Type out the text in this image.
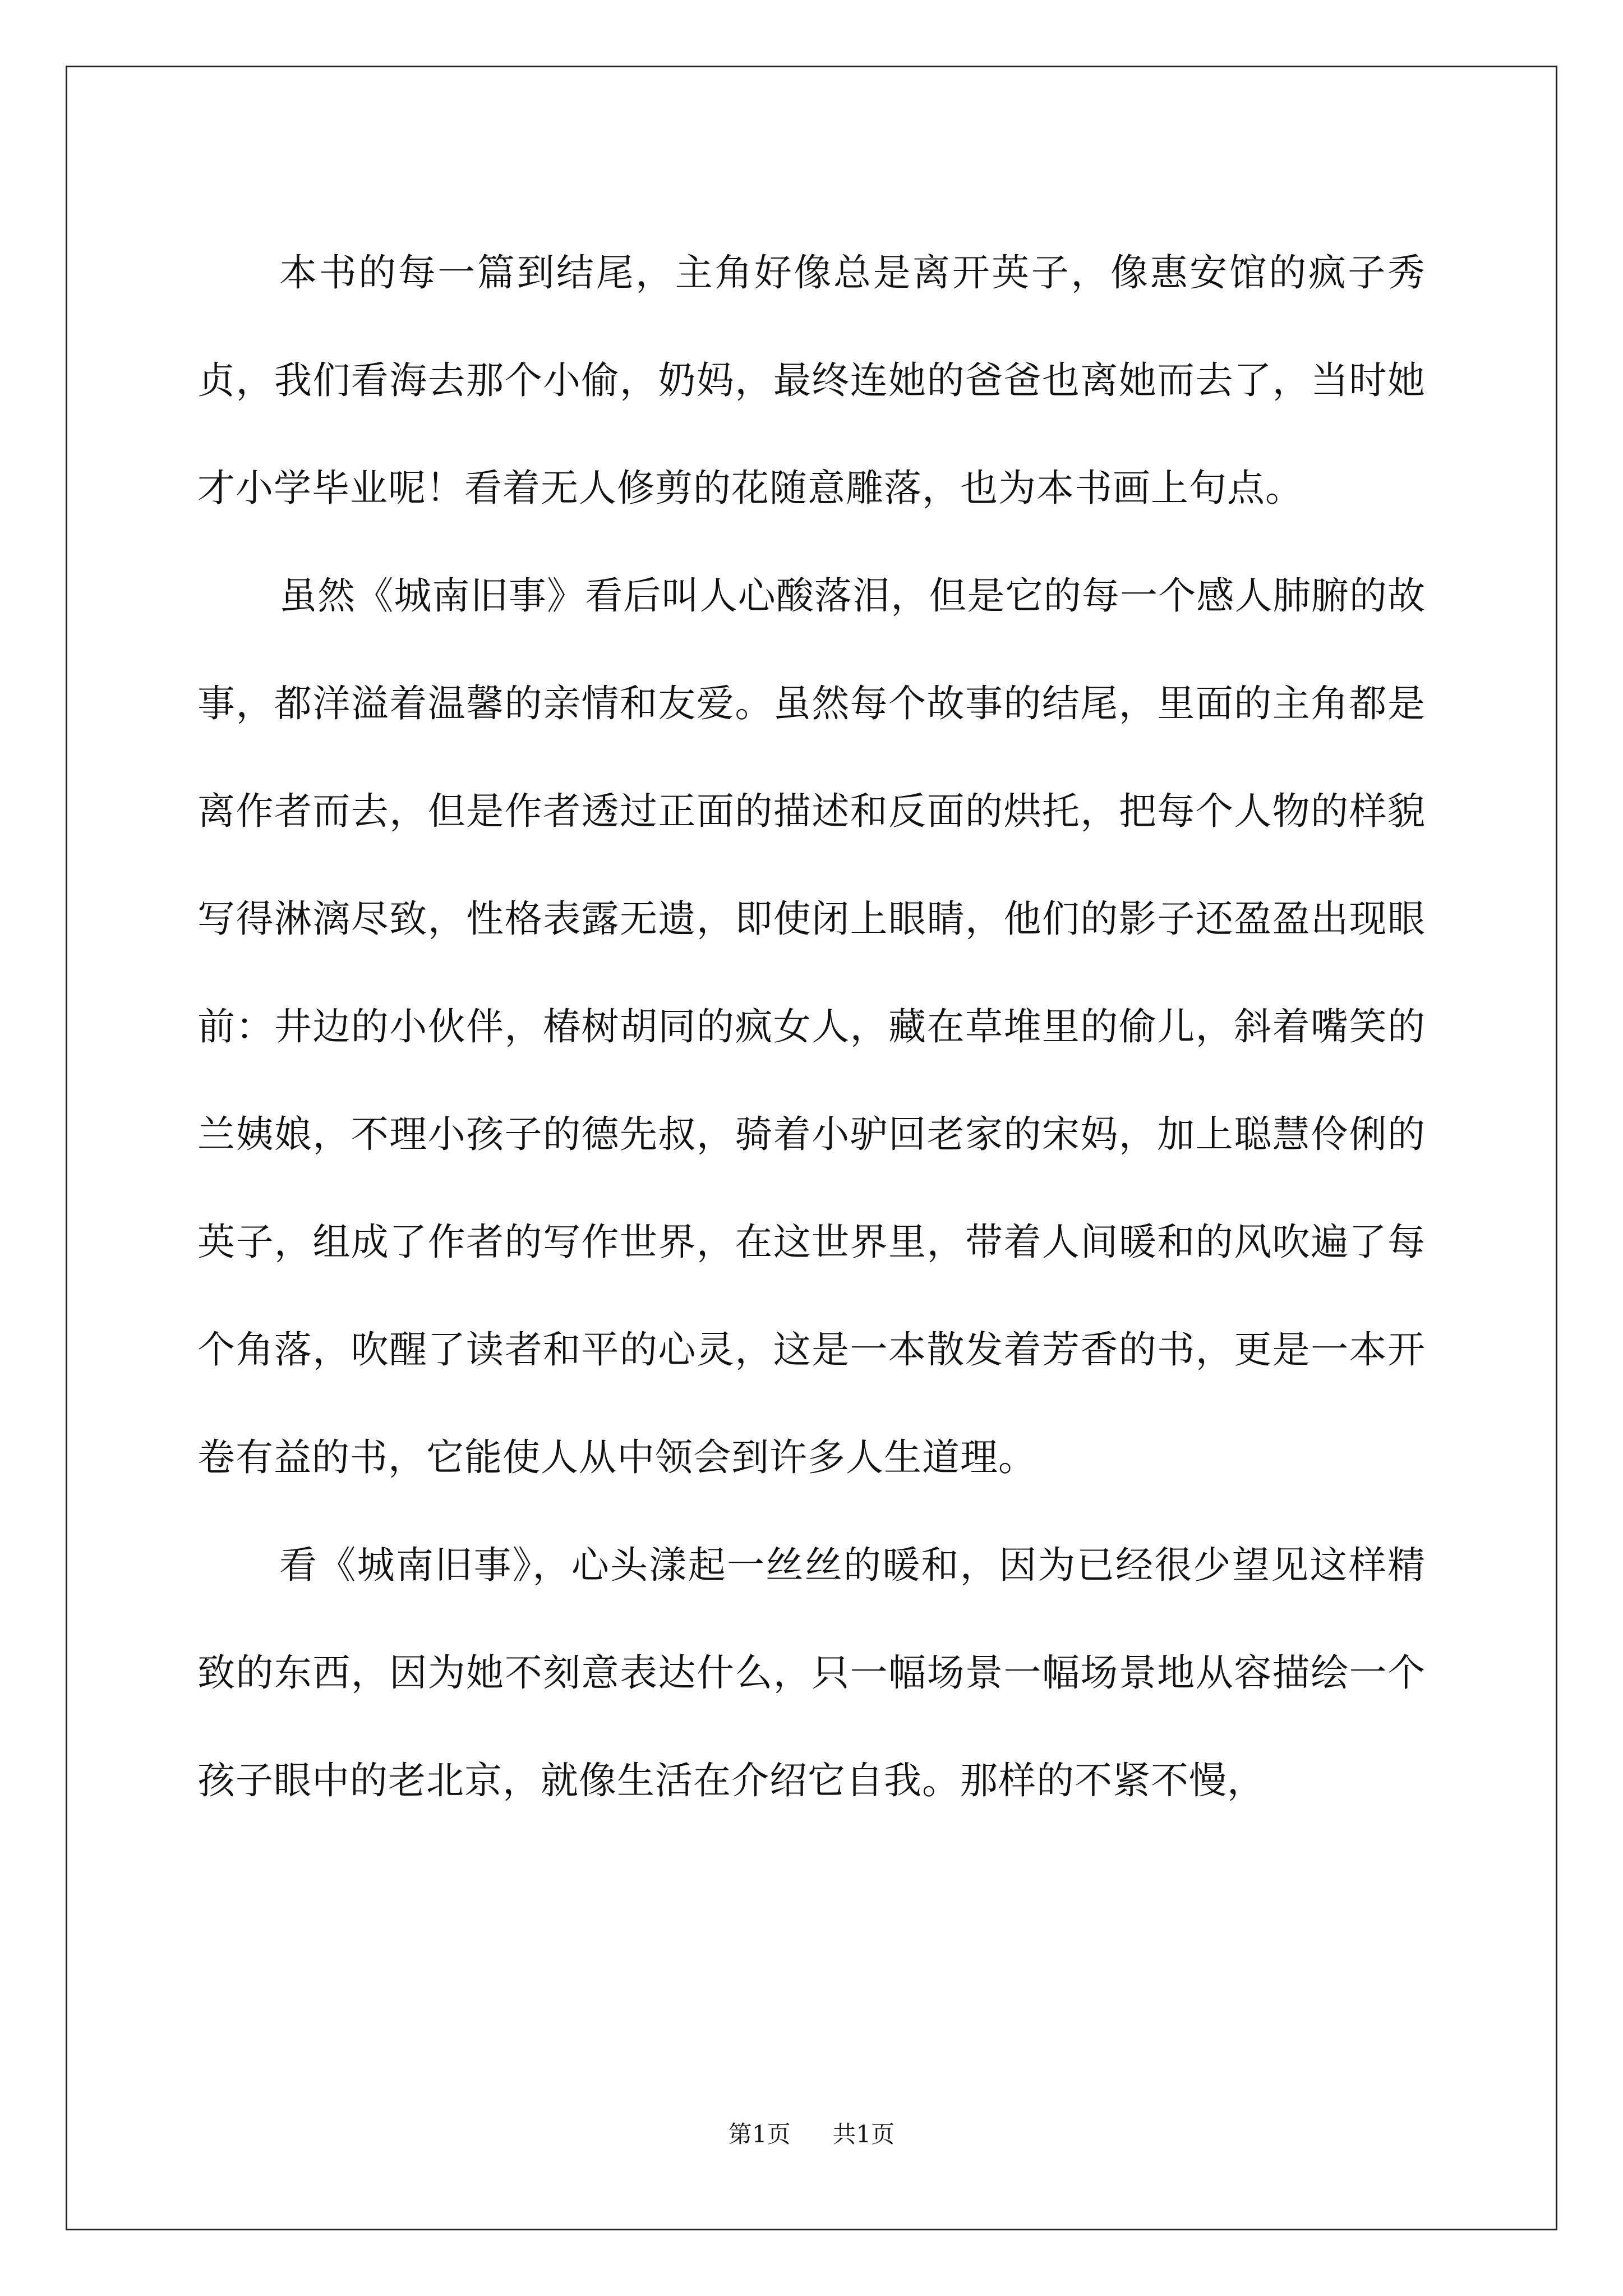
本书的每一篇到结尾，主角好像总是离开英子，像惠安馆的疯子秀贞，我们看海去那个小偷，奶妈，最终连她的爸爸也离她而去了，当时她才小学毕业呢！看着无人修剪的花随意雕落，也为本书画上句点。

虽然《城南旧事》看后叫人心酸落泪，但是它的每一个感人肺腑的故事，都洋溢着温馨的亲情和友爱。虽然每个故事的结尾，里面的主角都是离作者而去，但是作者透过正面的描述和反面的烘托，把每个人物的样貌写得淋漓尽致，性格表露无遗，即使闭上眼睛，他们的影子还盈盈出现眼前：井边的小伙伴，椿树胡同的疯女人，藏在草堆里的偷儿，斜着嘴笑的兰姨娘，不理小孩子的德先叔，骑着小驴回老家的宋妈，加上聪慧伶俐的英子，组成了作者的写作世界，在这世界里，带着人间暖和的风吹遍了每个角落，吹醒了读者和平的心灵，这是一本散发着芳香的书，更是一本开卷有益的书，它能使人从中领会到许多人生道理。

看《城南旧事》，心头漾起一丝丝的暖和，因为已经很少望见这样精致的东西，因为她不刻意表达什么，只一幅场景一幅场景地从容描绘一个孩子眼中的老北京，就像生活在介绍它自我。那样的不紧不慢，

第1页 共1页
